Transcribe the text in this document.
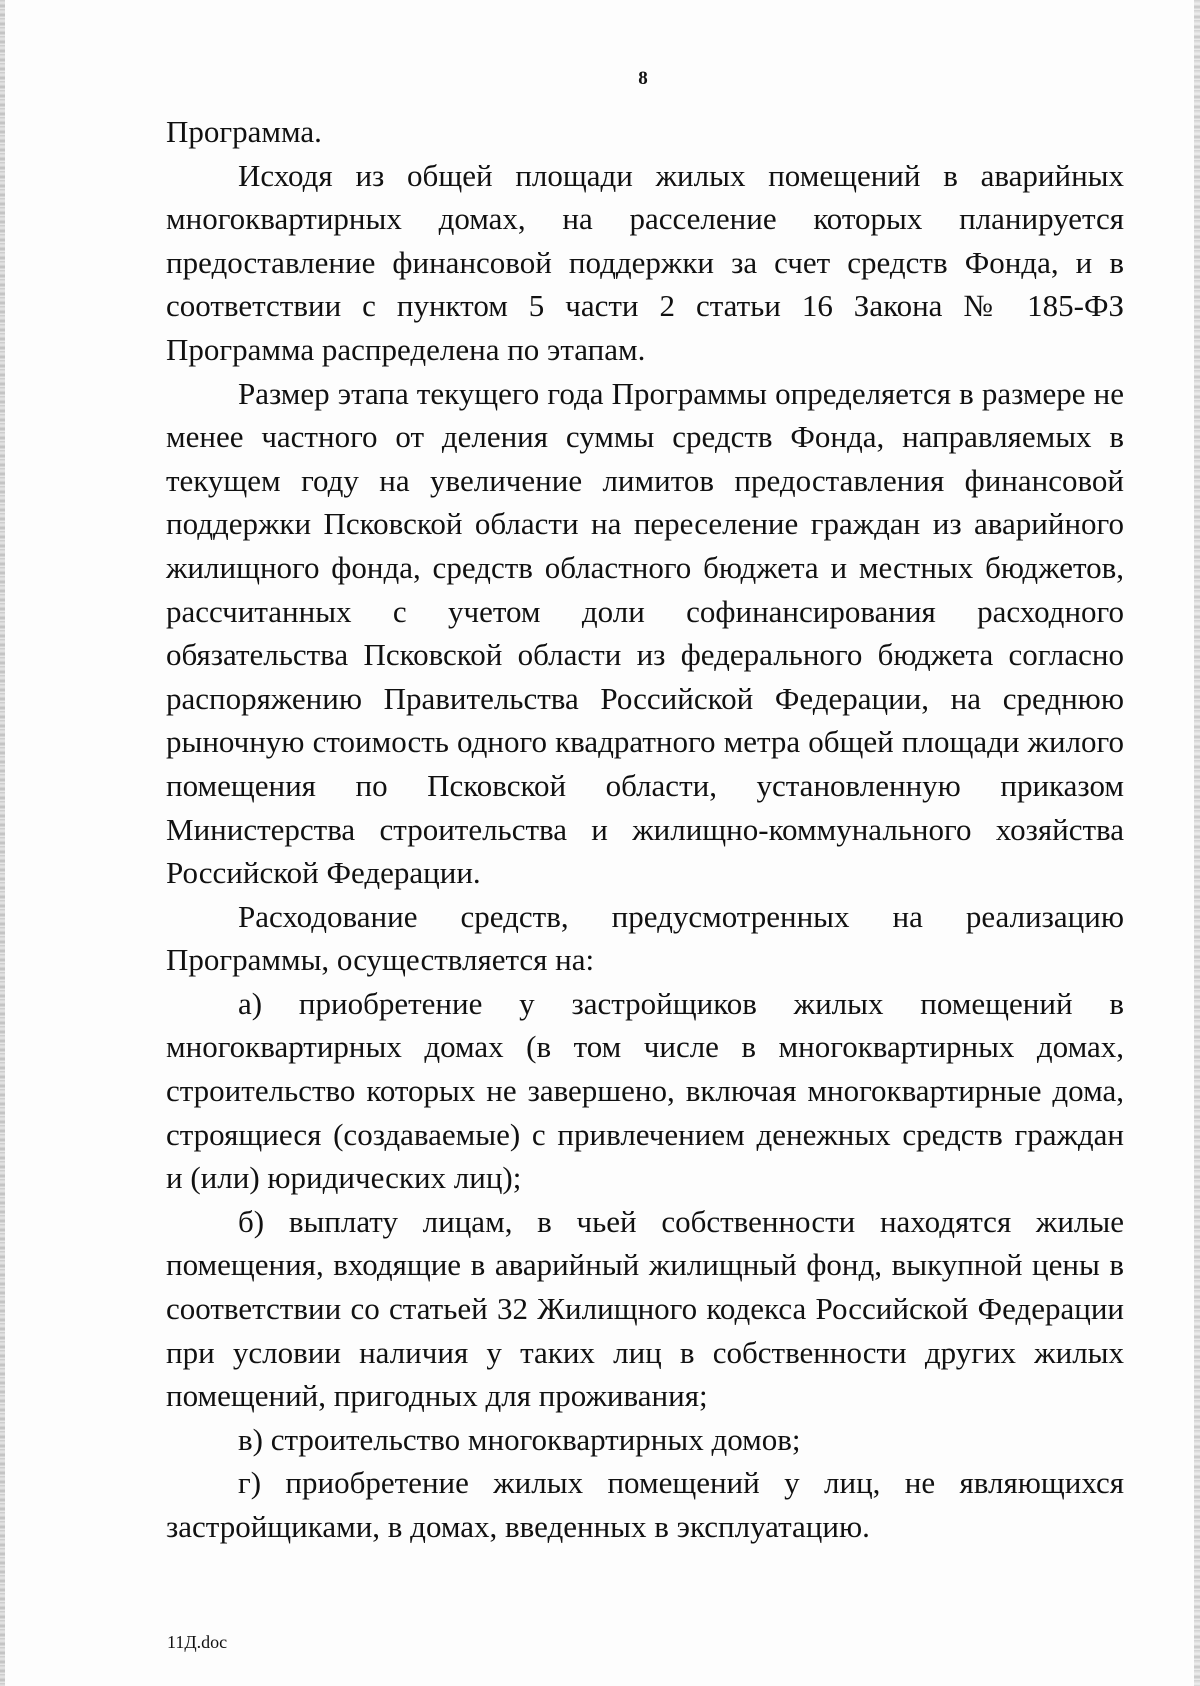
8

Программа.

Исходя из общей площади жилых помещений в аварийных многоквартирных домах, на расселение которых планируется предоставление финансовой поддержки за счет средств Фонда, и в соответствии с пунктом 5 части 2 статьи 16 Закона № 185-ФЗ Программа распределена по этапам.

Размер этапа текущего года Программы определяется в размере не менее частного от деления суммы средств Фонда, направляемых в текущем году на увеличение лимитов предоставления финансовой поддержки Псковской области на переселение граждан из аварийного жилищного фонда, средств областного бюджета и местных бюджетов, рассчитанных с учетом доли софинансирования расходного обязательства Псковской области из федерального бюджета согласно распоряжению Правительства Российской Федерации, на среднюю рыночную стоимость одного квадратного метра общей площади жилого помещения по Псковской области, установленную приказом Министерства строительства и жилищно-коммунального хозяйства Российской Федерации.

Расходование средств, предусмотренных на реализацию Программы, осуществляется на:

а) приобретение у застройщиков жилых помещений в многоквартирных домах (в том числе в многоквартирных домах, строительство которых не завершено, включая многоквартирные дома, строящиеся (создаваемые) с привлечением денежных средств граждан и (или) юридических лиц);

б) выплату лицам, в чьей собственности находятся жилые помещения, входящие в аварийный жилищный фонд, выкупной цены в соответствии со статьей 32 Жилищного кодекса Российской Федерации при условии наличия у таких лиц в собственности других жилых помещений, пригодных для проживания;

в) строительство многоквартирных домов;

г) приобретение жилых помещений у лиц, не являющихся застройщиками, в домах, введенных в эксплуатацию.

11Д.doc
